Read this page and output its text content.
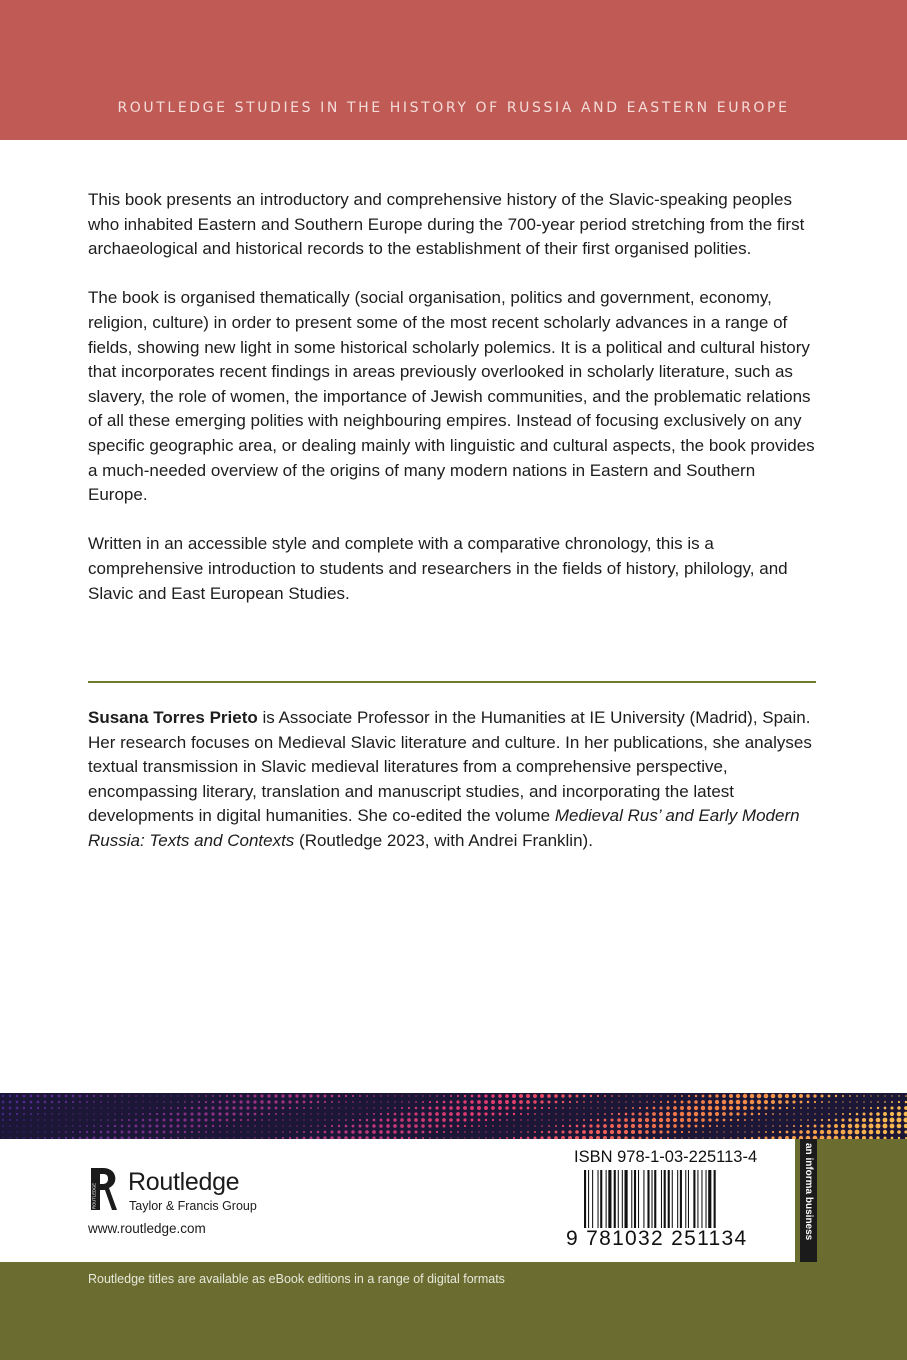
ROUTLEDGE STUDIES IN THE HISTORY OF RUSSIA AND EASTERN EUROPE

This book presents an introductory and comprehensive history of the Slavic-speaking peoples who inhabited Eastern and Southern Europe during the 700-year period stretching from the first archaeological and historical records to the establishment of their first organised polities.

The book is organised thematically (social organisation, politics and government, economy, religion, culture) in order to present some of the most recent scholarly advances in a range of fields, showing new light in some historical scholarly polemics. It is a political and cultural history that incorporates recent findings in areas previously overlooked in scholarly literature, such as slavery, the role of women, the importance of Jewish communities, and the problematic relations of all these emerging polities with neighbouring empires. Instead of focusing exclusively on any specific geographic area, or dealing mainly with linguistic and cultural aspects, the book provides a much-needed overview of the origins of many modern nations in Eastern and Southern Europe.

Written in an accessible style and complete with a comparative chronology, this is a comprehensive introduction to students and researchers in the fields of history, philology, and Slavic and East European Studies.

Susana Torres Prieto is Associate Professor in the Humanities at IE University (Madrid), Spain. Her research focuses on Medieval Slavic literature and culture. In her publications, she analyses textual transmission in Slavic medieval literatures from a comprehensive perspective, encompassing literary, translation and manuscript studies, and incorporating the latest developments in digital humanities. She co-edited the volume Medieval Rus’ and Early Modern Russia: Texts and Contexts (Routledge 2023, with Andrei Franklin).

an informa business
ROUTLEDGE Routledge
Taylor & Francis Group
www.routledge.com
ISBN 978-1-03-225113-4
9 781032 251134
Routledge titles are available as eBook editions in a range of digital formats
